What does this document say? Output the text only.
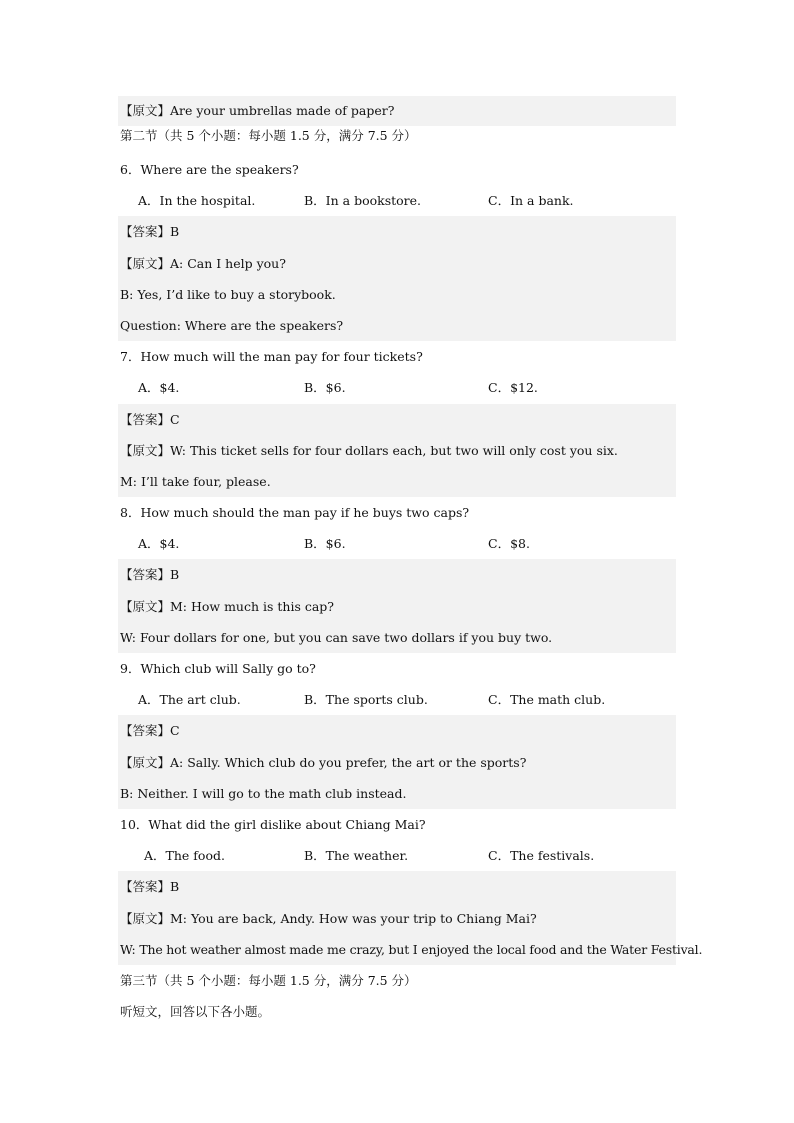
【原文】Are your umbrellas made of paper?
第二节（共 5 个小题：每小题 1.5 分，满分 7.5 分）
6．Where are the speakers?
A．In the hospital.	B．In a bookstore.	C．In a bank.
【答案】B
【原文】A: Can I help you?
B: Yes, I’d like to buy a storybook.
Question: Where are the speakers?
7．How much will the man pay for four tickets?
A．$4.	B．$6.	C．$12.
【答案】C
【原文】W: This ticket sells for four dollars each, but two will only cost you six.
M: I’ll take four, please.
8．How much should the man pay if he buys two caps?
A．$4.	B．$6.	C．$8.
【答案】B
【原文】M: How much is this cap?
W: Four dollars for one, but you can save two dollars if you buy two.
9．Which club will Sally go to?
A．The art club.	B．The sports club.	C．The math club.
【答案】C
【原文】A: Sally. Which club do you prefer, the art or the sports?
B: Neither. I will go to the math club instead.
10．What did the girl dislike about Chiang Mai?
A．The food.	B．The weather.	C．The festivals.
【答案】B
【原文】M: You are back, Andy. How was your trip to Chiang Mai?
W: The hot weather almost made me crazy, but I enjoyed the local food and the Water Festival.
第三节（共 5 个小题：每小题 1.5 分，满分 7.5 分）
听短文，回答以下各小题。
